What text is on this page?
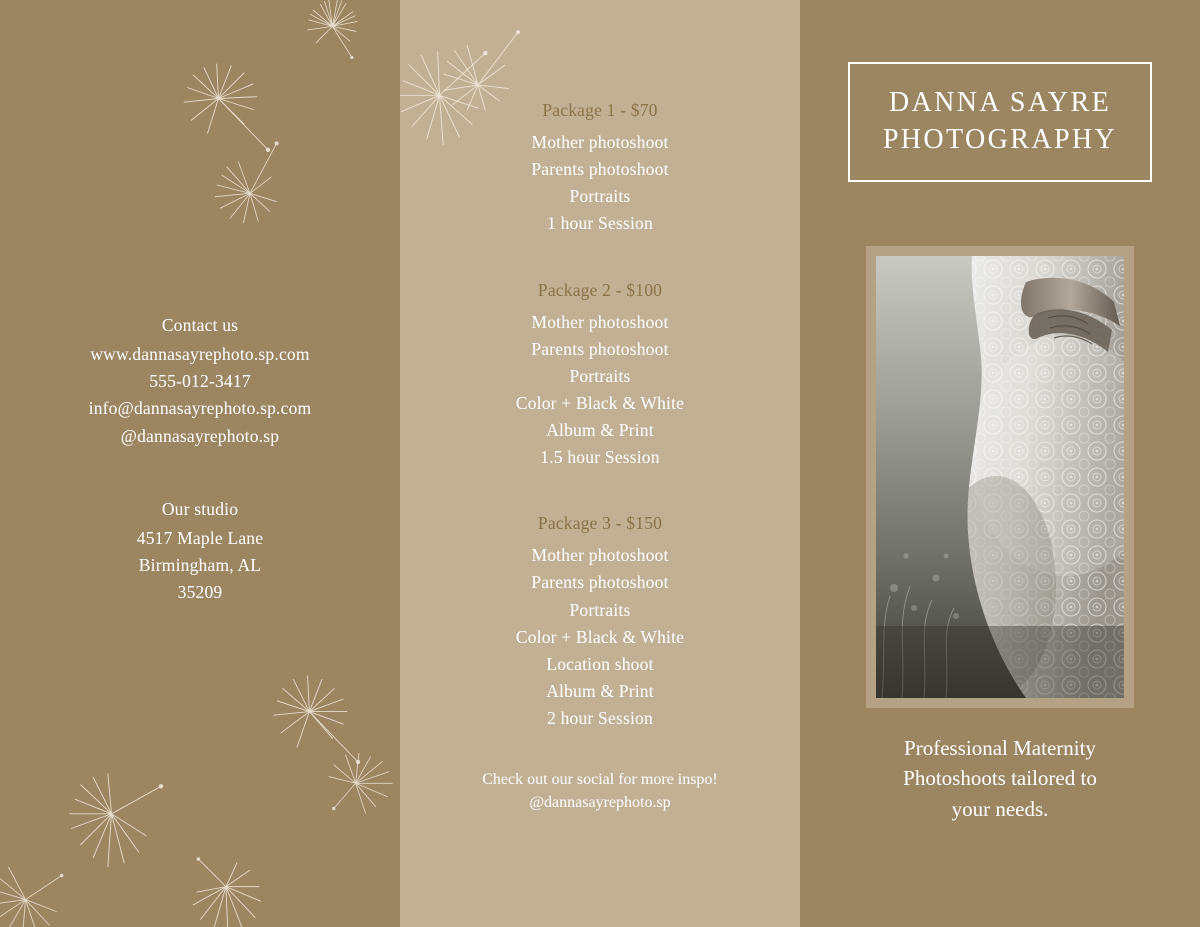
Contact us
www.dannasayrephoto.sp.com
555-012-3417
info@dannasayrephoto.sp.com
@dannasayrephoto.sp
Our studio
4517 Maple Lane
Birmingham, AL
35209
Package 1 - $70
Mother photoshoot
Parents photoshoot
Portraits
1 hour Session
Package 2 - $100
Mother photoshoot
Parents photoshoot
Portraits
Color + Black & White
Album & Print
1.5 hour Session
Package 3 - $150
Mother photoshoot
Parents photoshoot
Portraits
Color + Black & White
Location shoot
Album & Print
2 hour Session
Check out our social for more inspo! @dannasayrephoto.sp
DANNA SAYRE
PHOTOGRAPHY
Professional Maternity
Photoshoots tailored to
your needs.
